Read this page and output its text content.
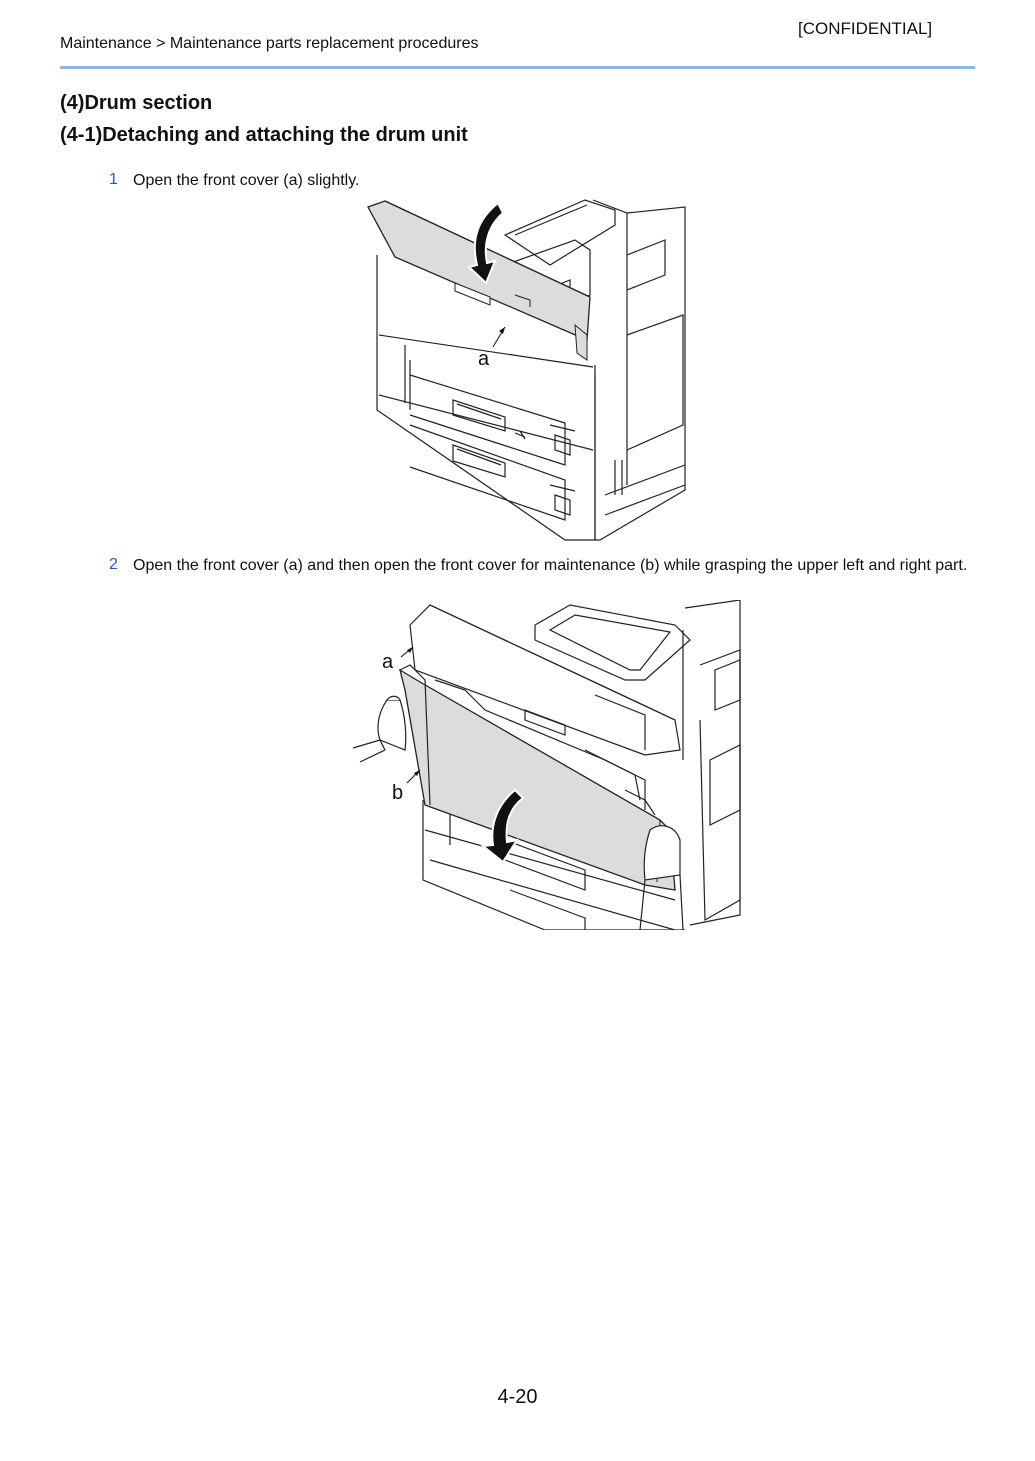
[CONFIDENTIAL]
Maintenance > Maintenance parts replacement procedures
(4)Drum section
(4-1)Detaching and attaching the drum unit
1 Open the front cover (a) slightly.
a
2 Open the front cover (a) and then open the front cover for maintenance (b) while grasping the upper left and right part.
a
b
4-20
